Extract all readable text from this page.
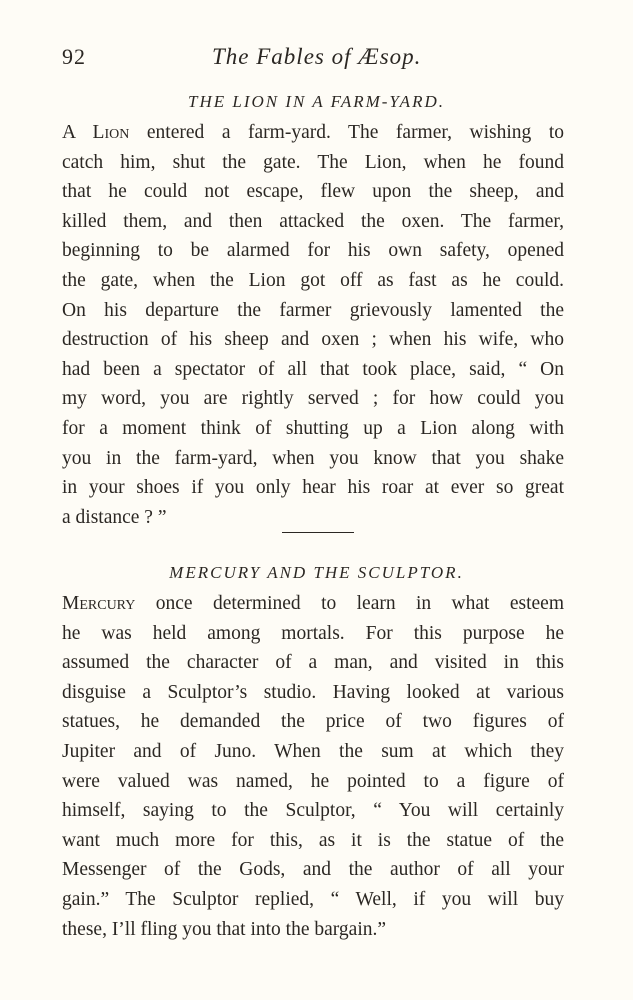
92	The Fables of Æsop.
THE LION IN A FARM-YARD.
A Lion entered a farm-yard. The farmer, wishing to
catch him, shut the gate. The Lion, when he found
that he could not escape, flew upon the sheep, and
killed them, and then attacked the oxen. The farmer,
beginning to be alarmed for his own safety, opened
the gate, when the Lion got off as fast as he could.
On his departure the farmer grievously lamented the
destruction of his sheep and oxen ; when his wife, who
had been a spectator of all that took place, said, “ On
my word, you are rightly served ; for how could you
for a moment think of shutting up a Lion along with
you in the farm-yard, when you know that you shake
in your shoes if you only hear his roar at ever so great
a distance ? ”
MERCURY AND THE SCULPTOR.
Mercury once determined to learn in what esteem
he was held among mortals. For this purpose he
assumed the character of a man, and visited in this
disguise a Sculptor’s studio. Having looked at various
statues, he demanded the price of two figures of
Jupiter and of Juno. When the sum at which they
were valued was named, he pointed to a figure of
himself, saying to the Sculptor, “ You will certainly
want much more for this, as it is the statue of the
Messenger of the Gods, and the author of all your
gain.” The Sculptor replied, “ Well, if you will buy
these, I’ll fling you that into the bargain.”
